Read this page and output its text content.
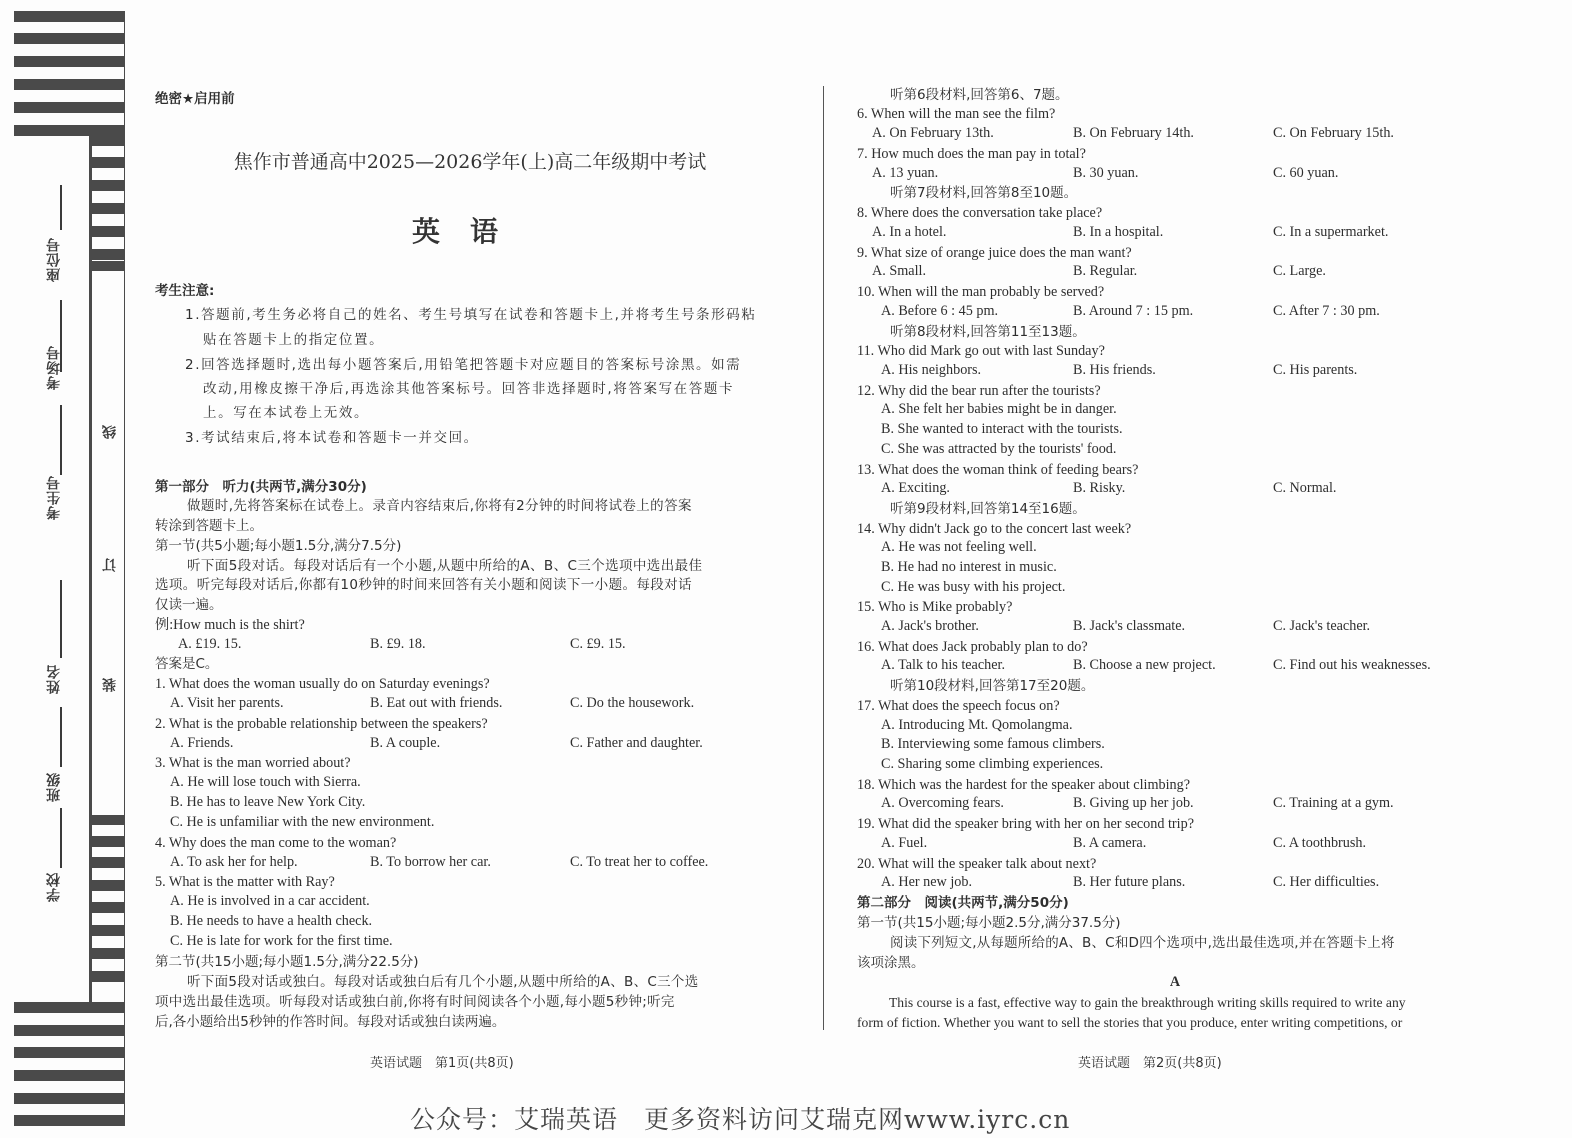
座位号
考场号
考生号
姓名
班级
学校
线
订
装
绝密★启用前
焦作市普通高中2025—2026学年(上)高二年级期中考试
英语
考生注意:
1.答题前,考生务必将自己的姓名、考生号填写在试卷和答题卡上,并将考生号条形码粘
贴在答题卡上的指定位置。
2.回答选择题时,选出每小题答案后,用铅笔把答题卡对应题目的答案标号涂黑。如需
改动,用橡皮擦干净后,再选涂其他答案标号。回答非选择题时,将答案写在答题卡
上。写在本试卷上无效。
3.考试结束后,将本试卷和答题卡一并交回。
第一部分　听力(共两节,满分30分)
做题时,先将答案标在试卷上。录音内容结束后,你将有2分钟的时间将试卷上的答案
转涂到答题卡上。
第一节(共5小题;每小题1.5分,满分7.5分)
听下面5段对话。每段对话后有一个小题,从题中所给的A、B、C三个选项中选出最佳
选项。听完每段对话后,你都有10秒钟的时间来回答有关小题和阅读下一小题。每段对话
仅读一遍。
例:How much is the shirt?
A. £19. 15.	B. £9. 18.	C. £9. 15.
答案是C。
1. What does the woman usually do on Saturday evenings?
A. Visit her parents.	B. Eat out with friends.	C. Do the housework.
2. What is the probable relationship between the speakers?
A. Friends.	B. A couple.	C. Father and daughter.
3. What is the man worried about?
A. He will lose touch with Sierra.
B. He has to leave New York City.
C. He is unfamiliar with the new environment.
4. Why does the man come to the woman?
A. To ask her for help.	B. To borrow her car.	C. To treat her to coffee.
5. What is the matter with Ray?
A. He is involved in a car accident.
B. He needs to have a health check.
C. He is late for work for the first time.
第二节(共15小题;每小题1.5分,满分22.5分)
听下面5段对话或独白。每段对话或独白后有几个小题,从题中所给的A、B、C三个选
项中选出最佳选项。听每段对话或独白前,你将有时间阅读各个小题,每小题5秒钟;听完
后,各小题给出5秒钟的作答时间。每段对话或独白读两遍。
听第6段材料,回答第6、7题。
6. When will the man see the film?
A. On February 13th.	B. On February 14th.	C. On February 15th.
7. How much does the man pay in total?
A. 13 yuan.	B. 30 yuan.	C. 60 yuan.
听第7段材料,回答第8至10题。
8. Where does the conversation take place?
A. In a hotel.	B. In a hospital.	C. In a supermarket.
9. What size of orange juice does the man want?
A. Small.	B. Regular.	C. Large.
10. When will the man probably be served?
A. Before 6 : 45 pm.	B. Around 7 : 15 pm.	C. After 7 : 30 pm.
听第8段材料,回答第11至13题。
11. Who did Mark go out with last Sunday?
A. His neighbors.	B. His friends.	C. His parents.
12. Why did the bear run after the tourists?
A. She felt her babies might be in danger.
B. She wanted to interact with the tourists.
C. She was attracted by the tourists' food.
13. What does the woman think of feeding bears?
A. Exciting.	B. Risky.	C. Normal.
听第9段材料,回答第14至16题。
14. Why didn't Jack go to the concert last week?
A. He was not feeling well.
B. He had no interest in music.
C. He was busy with his project.
15. Who is Mike probably?
A. Jack's brother.	B. Jack's classmate.	C. Jack's teacher.
16. What does Jack probably plan to do?
A. Talk to his teacher.	B. Choose a new project.	C. Find out his weaknesses.
听第10段材料,回答第17至20题。
17. What does the speech focus on?
A. Introducing Mt. Qomolangma.
B. Interviewing some famous climbers.
C. Sharing some climbing experiences.
18. Which was the hardest for the speaker about climbing?
A. Overcoming fears.	B. Giving up her job.	C. Training at a gym.
19. What did the speaker bring with her on her second trip?
A. Fuel.	B. A camera.	C. A toothbrush.
20. What will the speaker talk about next?
A. Her new job.	B. Her future plans.	C. Her difficulties.
第二部分　阅读(共两节,满分50分)
第一节(共15小题;每小题2.5分,满分37.5分)
阅读下列短文,从每题所给的A、B、C和D四个选项中,选出最佳选项,并在答题卡上将
该项涂黑。
A
This course is a fast, effective way to gain the breakthrough writing skills required to write any
form of fiction. Whether you want to sell the stories that you produce, enter writing competitions, or
英语试题　第1页(共8页)	英语试题　第2页(共8页)
公众号：艾瑞英语　更多资料访问艾瑞克网www.iyrc.cn
